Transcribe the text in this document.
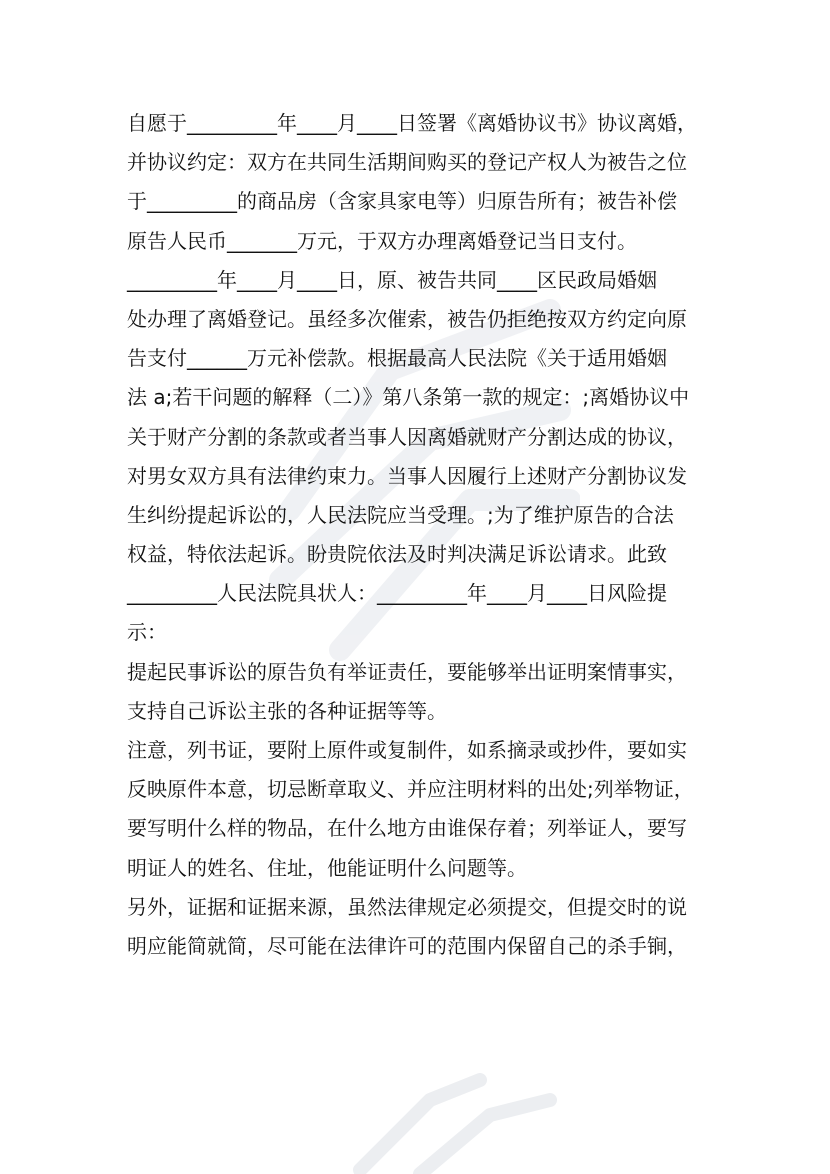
自愿于_________年____月____日签署《离婚协议书》协议离婚，
并协议约定：双方在共同生活期间购买的登记产权人为被告之位
于_________的商品房（含家具家电等）归原告所有；被告补偿
原告人民币_______万元，于双方办理离婚登记当日支付。
_________年____月____日，原、被告共同____区民政局婚姻
处办理了离婚登记。虽经多次催索，被告仍拒绝按双方约定向原
告支付______万元补偿款。根据最高人民法院《关于适用婚姻
法 a;若干问题的解释（二）》第八条第一款的规定：;离婚协议中
关于财产分割的条款或者当事人因离婚就财产分割达成的协议，
对男女双方具有法律约束力。当事人因履行上述财产分割协议发
生纠纷提起诉讼的，人民法院应当受理。;为了维护原告的合法
权益，特依法起诉。盼贵院依法及时判决满足诉讼请求。此致
_________人民法院具状人：_________年____月____日风险提
示：
提起民事诉讼的原告负有举证责任，要能够举出证明案情事实，
支持自己诉讼主张的各种证据等等。
注意，列书证，要附上原件或复制件，如系摘录或抄件，要如实
反映原件本意，切忌断章取义、并应注明材料的出处;列举物证，
要写明什么样的物品，在什么地方由谁保存着；列举证人，要写
明证人的姓名、住址，他能证明什么问题等。
另外，证据和证据来源，虽然法律规定必须提交，但提交时的说
明应能简就简，尽可能在法律许可的范围内保留自己的杀手锏，
